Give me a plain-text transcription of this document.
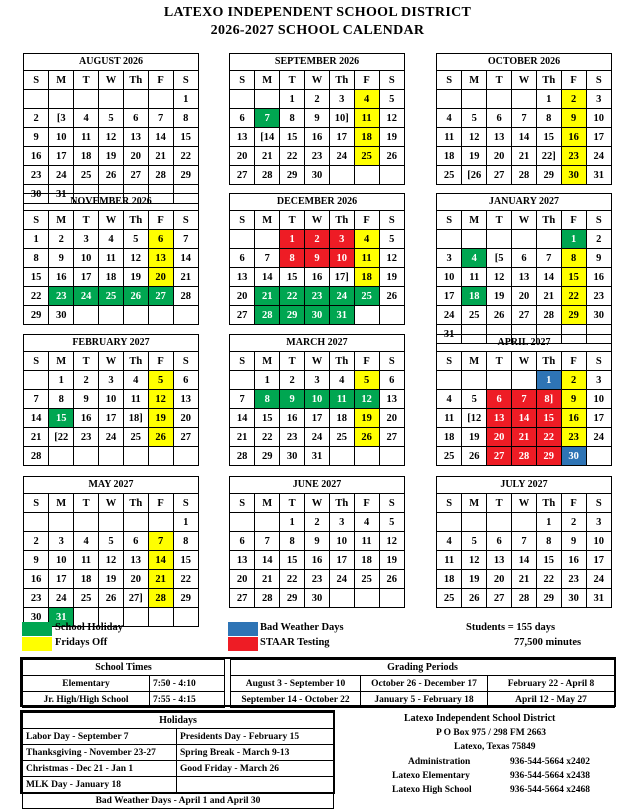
LATEXO INDEPENDENT SCHOOL DISTRICT
2026-2027 SCHOOL CALENDAR
AUGUST 2026
S	M	T	W	Th	F	S
						1
2	[3	4	5	6	7	8
9	10	11	12	13	14	15
16	17	18	19	20	21	22
23	24	25	26	27	28	29
30	31					
SEPTEMBER 2026
S	M	T	W	Th	F	S
		1	2	3	4	5
6	7	8	9	10]	11	12
13	[14	15	16	17	18	19
20	21	22	23	24	25	26
27	28	29	30			
OCTOBER 2026
S	M	T	W	Th	F	S
				1	2	3
4	5	6	7	8	9	10
11	12	13	14	15	16	17
18	19	20	21	22]	23	24
25	[26	27	28	29	30	31
NOVEMBER 2026
S	M	T	W	Th	F	S
1	2	3	4	5	6	7
8	9	10	11	12	13	14
15	16	17	18	19	20	21
22	23	24	25	26	27	28
29	30					
DECEMBER 2026
S	M	T	W	Th	F	S
		1	2	3	4	5
6	7	8	9	10	11	12
13	14	15	16	17]	18	19
20	21	22	23	24	25	26
27	28	29	30	31		
JANUARY 2027
S	M	T	W	Th	F	S
					1	2
3	4	[5	6	7	8	9
10	11	12	13	14	15	16
17	18	19	20	21	22	23
24	25	26	27	28	29	30
31						
FEBRUARY 2027
S	M	T	W	Th	F	S
	1	2	3	4	5	6
7	8	9	10	11	12	13
14	15	16	17	18]	19	20
21	[22	23	24	25	26	27
28						
MARCH 2027
S	M	T	W	Th	F	S
	1	2	3	4	5	6
7	8	9	10	11	12	13
14	15	16	17	18	19	20
21	22	23	24	25	26	27
28	29	30	31			
APRIL 2027
S	M	T	W	Th	F	S
				1	2	3
4	5	6	7	8]	9	10
11	[12	13	14	15	16	17
18	19	20	21	22	23	24
25	26	27	28	29	30	
MAY 2027
S	M	T	W	Th	F	S
						1
2	3	4	5	6	7	8
9	10	11	12	13	14	15
16	17	18	19	20	21	22
23	24	25	26	27]	28	29
30	31					
JUNE 2027
S	M	T	W	Th	F	S
		1	2	3	4	5
6	7	8	9	10	11	12
13	14	15	16	17	18	19
20	21	22	23	24	25	26
27	28	29	30			
JULY 2027
S	M	T	W	Th	F	S
				1	2	3
4	5	6	7	8	9	10
11	12	13	14	15	16	17
18	19	20	21	22	23	24
25	26	27	28	29	30	31
School Holiday
Fridays Off
Bad Weather Days
STAAR Testing
Students = 155 days
77,500 minutes
School Times	
Elementary	7:50 - 4:10
Jr. High/High School	7:55 - 4:15
Grading Periods		
August 3 - September 10	October 26 - December 17	February 22 - April 8
September 14 - October 22	January 5 - February 18	April 12 - May 27
Holidays	
Labor Day - September 7	Presidents Day - February 15
Thanksgiving - November 23-27	Spring Break - March 9-13
Christmas - Dec 21 - Jan 1	Good Friday - March 26
MLK Day - January 18	
Bad Weather Days - April 1 and April 30	
Latexo Independent School District
P O Box 975 / 298 FM 2663
Latexo, Texas 75849
Administration	936-544-5664 x2402
Latexo Elementary	936-544-5664 x2438
Latexo High School	936-544-5664 x2468
